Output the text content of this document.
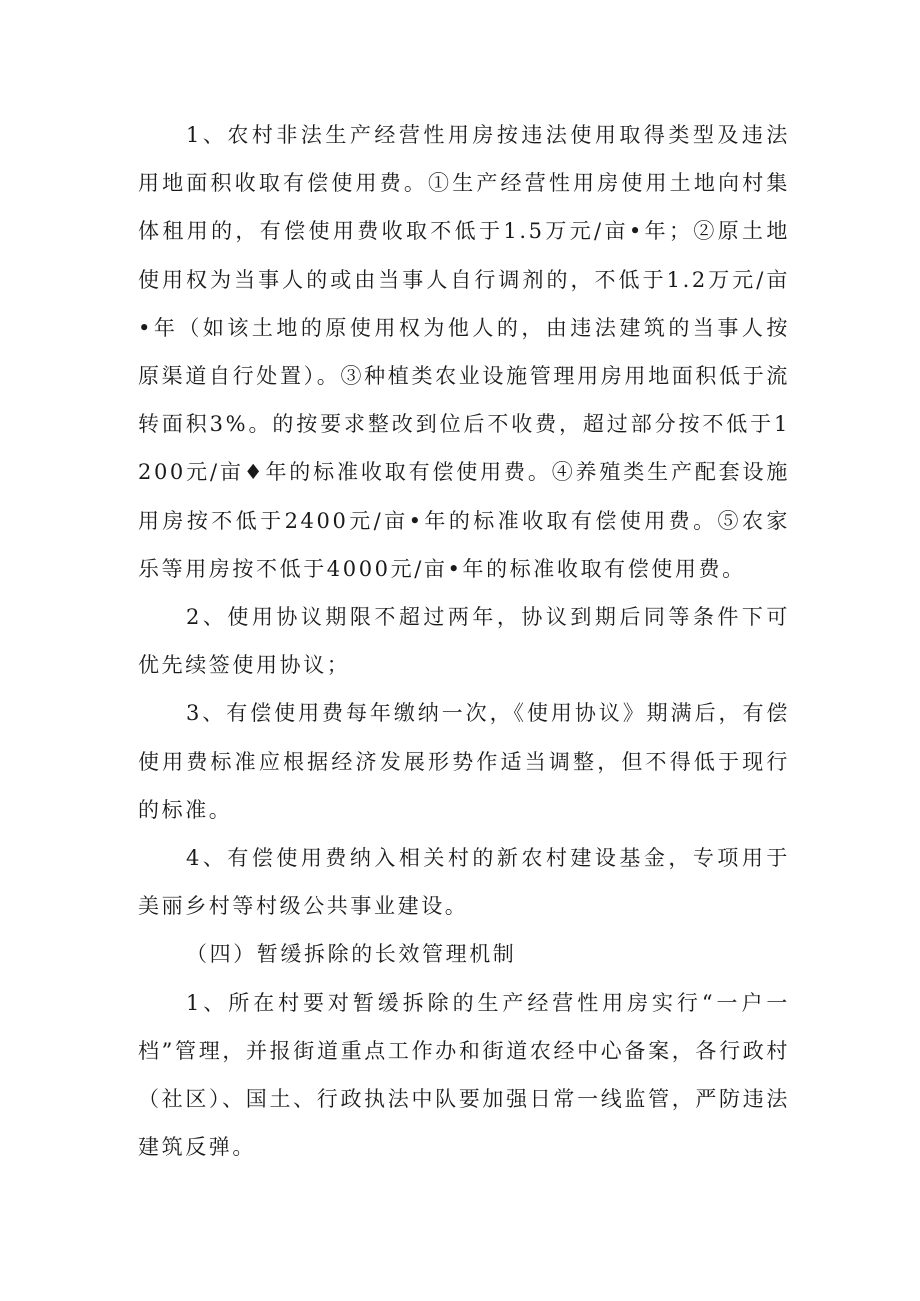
1、农村非法生产经营性用房按违法使用取得类型及违法用地面积收取有偿使用费。①生产经营性用房使用土地向村集体租用的，有偿使用费收取不低于1.5万元/亩•年；②原土地使用权为当事人的或由当事人自行调剂的，不低于1.2万元/亩•年（如该土地的原使用权为他人的，由违法建筑的当事人按原渠道自行处置）。③种植类农业设施管理用房用地面积低于流转面积3%。的按要求整改到位后不收费，超过部分按不低于1200元/亩♦年的标准收取有偿使用费。④养殖类生产配套设施用房按不低于2400元/亩•年的标准收取有偿使用费。⑤农家乐等用房按不低于4000元/亩•年的标准收取有偿使用费。

2、使用协议期限不超过两年，协议到期后同等条件下可优先续签使用协议；

3、有偿使用费每年缴纳一次，《使用协议》期满后，有偿使用费标准应根据经济发展形势作适当调整，但不得低于现行的标准。

4、有偿使用费纳入相关村的新农村建设基金，专项用于美丽乡村等村级公共事业建设。

（四）暂缓拆除的长效管理机制

1、所在村要对暂缓拆除的生产经营性用房实行“一户一档”管理，并报街道重点工作办和街道农经中心备案，各行政村（社区）、国土、行政执法中队要加强日常一线监管，严防违法建筑反弹。
